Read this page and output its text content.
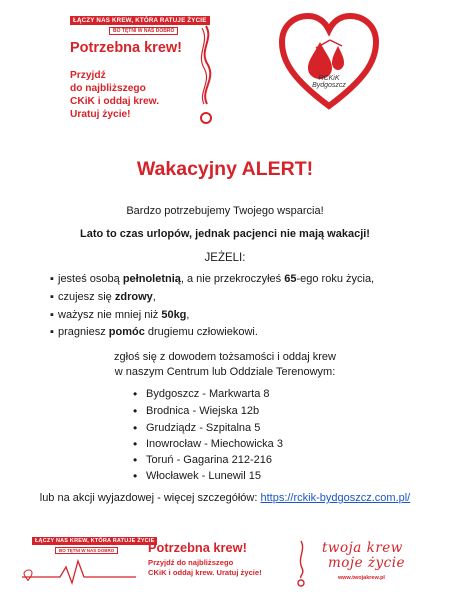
ŁĄCZY NAS KREW, KTÓRA RATUJE ŻYCIE
BO TĘTNI W NAS DOBRO
Potrzebna krew!
Przyjdź
do najbliższego
CKiK i oddaj krew.
Uratuj życie!
RCKiK
Bydgoszcz
Wakacyjny ALERT!
Bardzo potrzebujemy Twojego wsparcia!
Lato to czas urlopów, jednak pacjenci nie mają wakacji!
JEŻELI:
▪ jesteś osobą pełnoletnią, a nie przekroczyłeś 65-ego roku życia,
▪ czujesz się zdrowy,
▪ ważysz nie mniej niż 50kg,
▪ pragniesz pomóc drugiemu człowiekowi.
zgłoś się z dowodem tożsamości i oddaj krew
w naszym Centrum lub Oddziale Terenowym:
• Bydgoszcz - Markwarta 8
• Brodnica - Wiejska 12b
• Grudziądz - Szpitalna 5
• Inowrocław - Miechowicka 3
• Toruń - Gagarina 212-216
• Włocławek - Lunewil 15
lub na akcji wyjazdowej - więcej szczegółów: https://rckik-bydgoszcz.com.pl/
ŁĄCZY NAS KREW, KTÓRA RATUJE ŻYCIE
BO TĘTNI W NAS DOBRO	Potrzebna krew!
Przyjdź do najbliższego
CKiK i oddaj krew. Uratuj życie!
twoja krew
moje życie
www.twojakrew.pl
